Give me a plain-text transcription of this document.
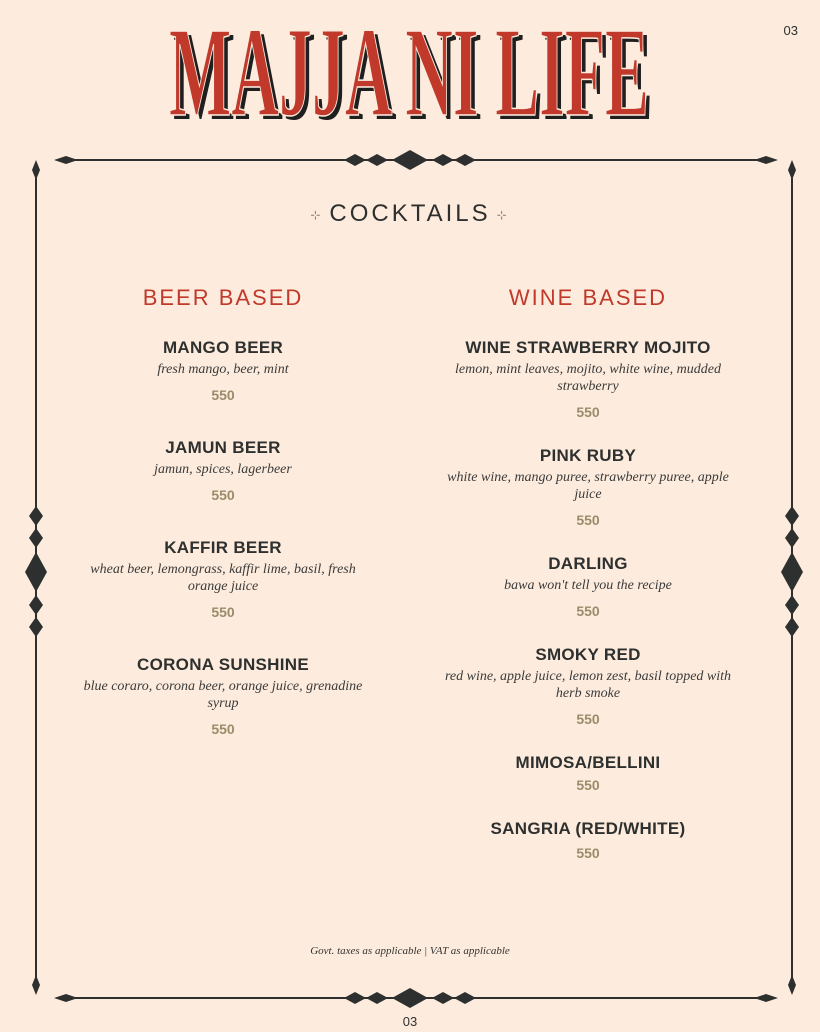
03
MAJJA NI LIFE
MAJJA NI LIFE
⊹ COCKTAILS ⊹
BEER BASED
MANGO BEER
fresh mango, beer, mint
550
JAMUN BEER
jamun, spices, lagerbeer
550
KAFFIR BEER
wheat beer, lemongrass, kaffir lime, basil, fresh orange juice
550
CORONA SUNSHINE
blue coraro, corona beer, orange juice, grenadine syrup
550
WINE BASED
WINE STRAWBERRY MOJITO
lemon, mint leaves, mojito, white wine, mudded strawberry
550
PINK RUBY
white wine, mango puree, strawberry puree, apple juice
550
DARLING
bawa won't tell you the recipe
550
SMOKY RED
red wine, apple juice, lemon zest, basil topped with herb smoke
550
MIMOSA/BELLINI
550
SANGRIA (RED/WHITE)
550
Govt. taxes as applicable | VAT as applicable
03
